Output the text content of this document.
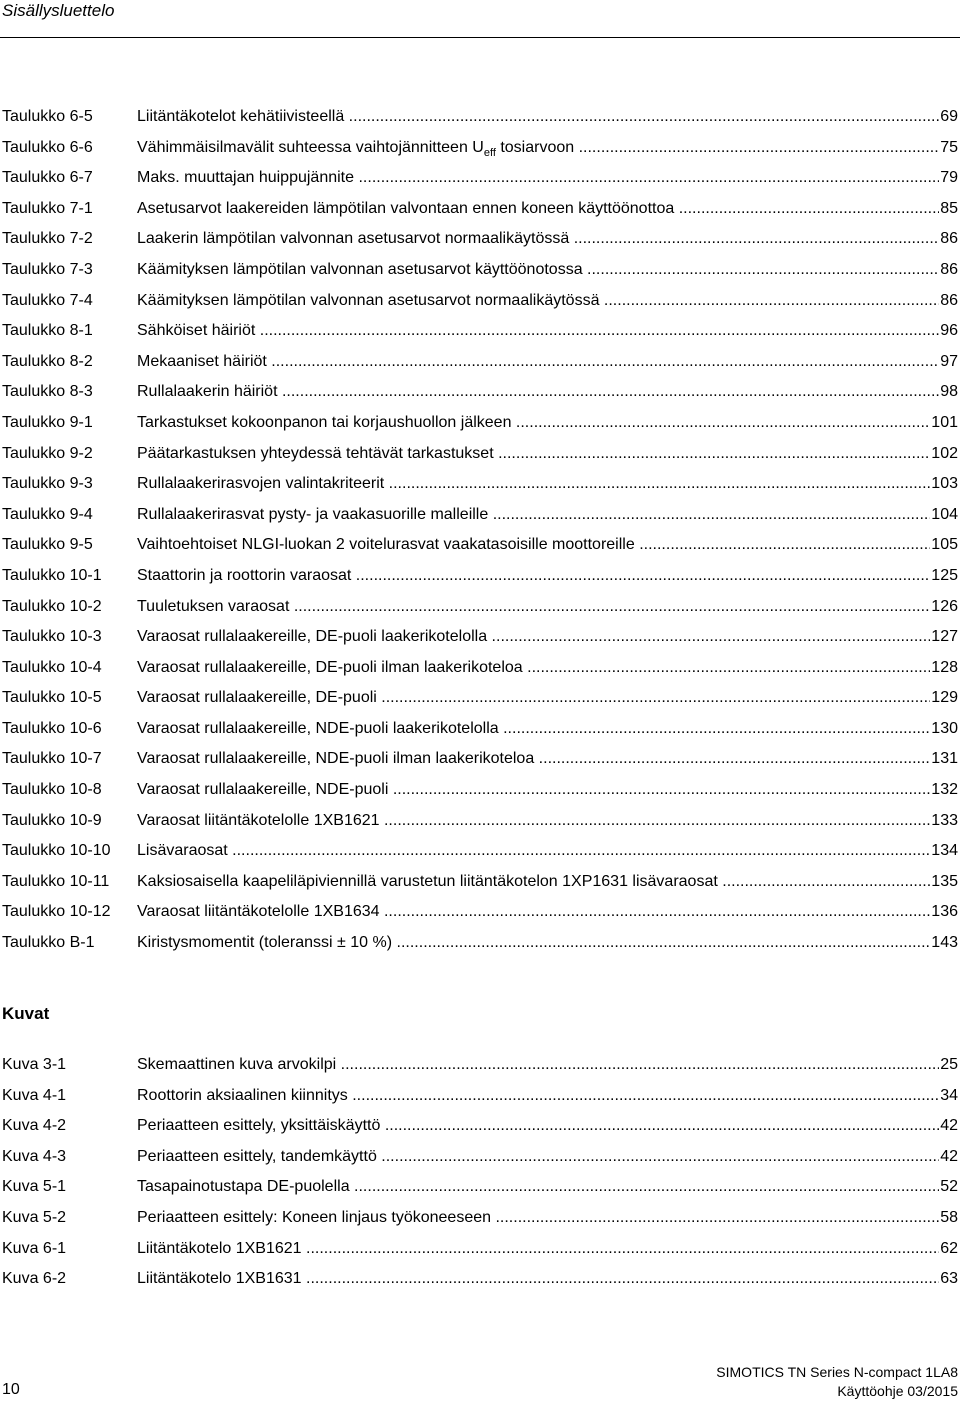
Sisällysluettelo
Taulukko 6-5	Liitäntäkotelot kehätiivisteellä .....	69
Taulukko 6-6	Vähimmäisilmavälit suhteessa vaihtojännitteen $U_{eff}$ tosiarvoon .....	75
Taulukko 6-7	Maks. muuttajan huippujännite .....	79
Taulukko 7-1	Asetusarvot laakereiden lämpötilan valvontaan ennen koneen käyttöönottoa .....	85
Taulukko 7-2	Laakerin lämpötilan valvonnan asetusarvot normaalikäytössä .....	86
Taulukko 7-3	Käämityksen lämpötilan valvonnan asetusarvot käyttöönotossa .....	86
Taulukko 7-4	Käämityksen lämpötilan valvonnan asetusarvot normaalikäytössä .....	86
Taulukko 8-1	Sähköiset häiriöt .....	96
Taulukko 8-2	Mekaaniset häiriöt .....	97
Taulukko 8-3	Rullalaakerin häiriöt .....	98
Taulukko 9-1	Tarkastukset kokoonpanon tai korjaushuollon jälkeen .....	101
Taulukko 9-2	Päätarkastuksen yhteydessä tehtävät tarkastukset .....	102
Taulukko 9-3	Rullalaakerirasvojen valintakriteerit .....	103
Taulukko 9-4	Rullalaakerirasvat pysty- ja vaakasuorille malleille .....	104
Taulukko 9-5	Vaihtoehtoiset NLGI-luokan 2 voitelurasvat vaakatasoisille moottoreille .....	105
Taulukko 10-1	Staattorin ja roottorin varaosat .....	125
Taulukko 10-2	Tuuletuksen varaosat .....	126
Taulukko 10-3	Varaosat rullalaakereille, DE-puoli laakerikotelolla .....	127
Taulukko 10-4	Varaosat rullalaakereille, DE-puoli ilman laakerikoteloa .....	128
Taulukko 10-5	Varaosat rullalaakereille, DE-puoli .....	129
Taulukko 10-6	Varaosat rullalaakereille, NDE-puoli laakerikotelolla .....	130
Taulukko 10-7	Varaosat rullalaakereille, NDE-puoli ilman laakerikoteloa .....	131
Taulukko 10-8	Varaosat rullalaakereille, NDE-puoli .....	132
Taulukko 10-9	Varaosat liitäntäkotelolle 1XB1621 .....	133
Taulukko 10-10	Lisävaraosat .....	134
Taulukko 10-11	Kaksiosaisella kaapeliläpiviennillä varustetun liitäntäkotelon 1XP1631 lisävaraosat .....	135
Taulukko 10-12	Varaosat liitäntäkotelolle 1XB1634 .....	136
Taulukko B-1	Kiristysmomentit (toleranssi ± 10 %) .....	143
Kuvat
Kuva 3-1	Skemaattinen kuva arvokilpi .....	25
Kuva 4-1	Roottorin aksiaalinen kiinnitys .....	34
Kuva 4-2	Periaatteen esittely, yksittäiskäyttö .....	42
Kuva 4-3	Periaatteen esittely, tandemkäyttö .....	42
Kuva 5-1	Tasapainotustapa DE-puolella .....	52
Kuva 5-2	Periaatteen esittely: Koneen linjaus työkoneeseen .....	58
Kuva 6-1	Liitäntäkotelo 1XB1621 .....	62
Kuva 6-2	Liitäntäkotelo 1XB1631 .....	63
10
SIMOTICS TN Series N-compact 1LA8
Käyttöohje 03/2015
